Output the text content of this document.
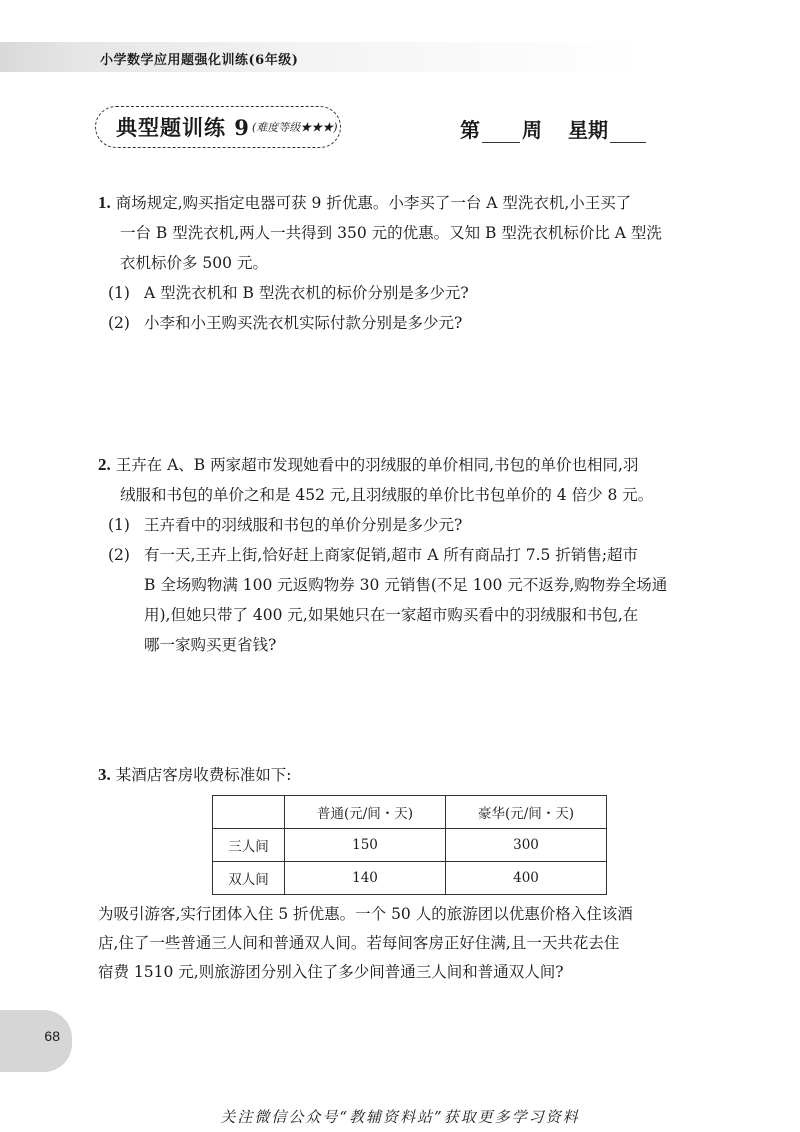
小学数学应用题强化训练(6年级)
典型题训练 9 (难度等级★★★)	第 周 星期

1. 商场规定,购买指定电器可获 9 折优惠。小李买了一台 A 型洗衣机,小王买了

一台 B 型洗衣机,两人一共得到 350 元的优惠。又知 B 型洗衣机标价比 A 型洗

衣机标价多 500 元。

(1) A 型洗衣机和 B 型洗衣机的标价分别是多少元?
(2) 小李和小王购买洗衣机实际付款分别是多少元?

2. 王卉在 A、B 两家超市发现她看中的羽绒服的单价相同,书包的单价也相同,羽

绒服和书包的单价之和是 452 元,且羽绒服的单价比书包单价的 4 倍少 8 元。

(1) 王卉看中的羽绒服和书包的单价分别是多少元?
(2) 有一天,王卉上街,恰好赶上商家促销,超市 A 所有商品打 7.5 折销售;超市
B 全场购物满 100 元返购物券 30 元销售(不足 100 元不返券,购物券全场通
用),但她只带了 400 元,如果她只在一家超市购买看中的羽绒服和书包,在
哪一家购买更省钱?

3. 某酒店客房收费标准如下:

	普通(元/间・天)	豪华(元/间・天)
三人间	150	300
双人间	140	400
为吸引游客,实行团体入住 5 折优惠。一个 50 人的旅游团以优惠价格入住该酒
店,住了一些普通三人间和普通双人间。若每间客房正好住满,且一天共花去住
宿费 1510 元,则旅游团分别入住了多少间普通三人间和普通双人间?
68
关注微信公众号“教辅资料站”获取更多学习资料
